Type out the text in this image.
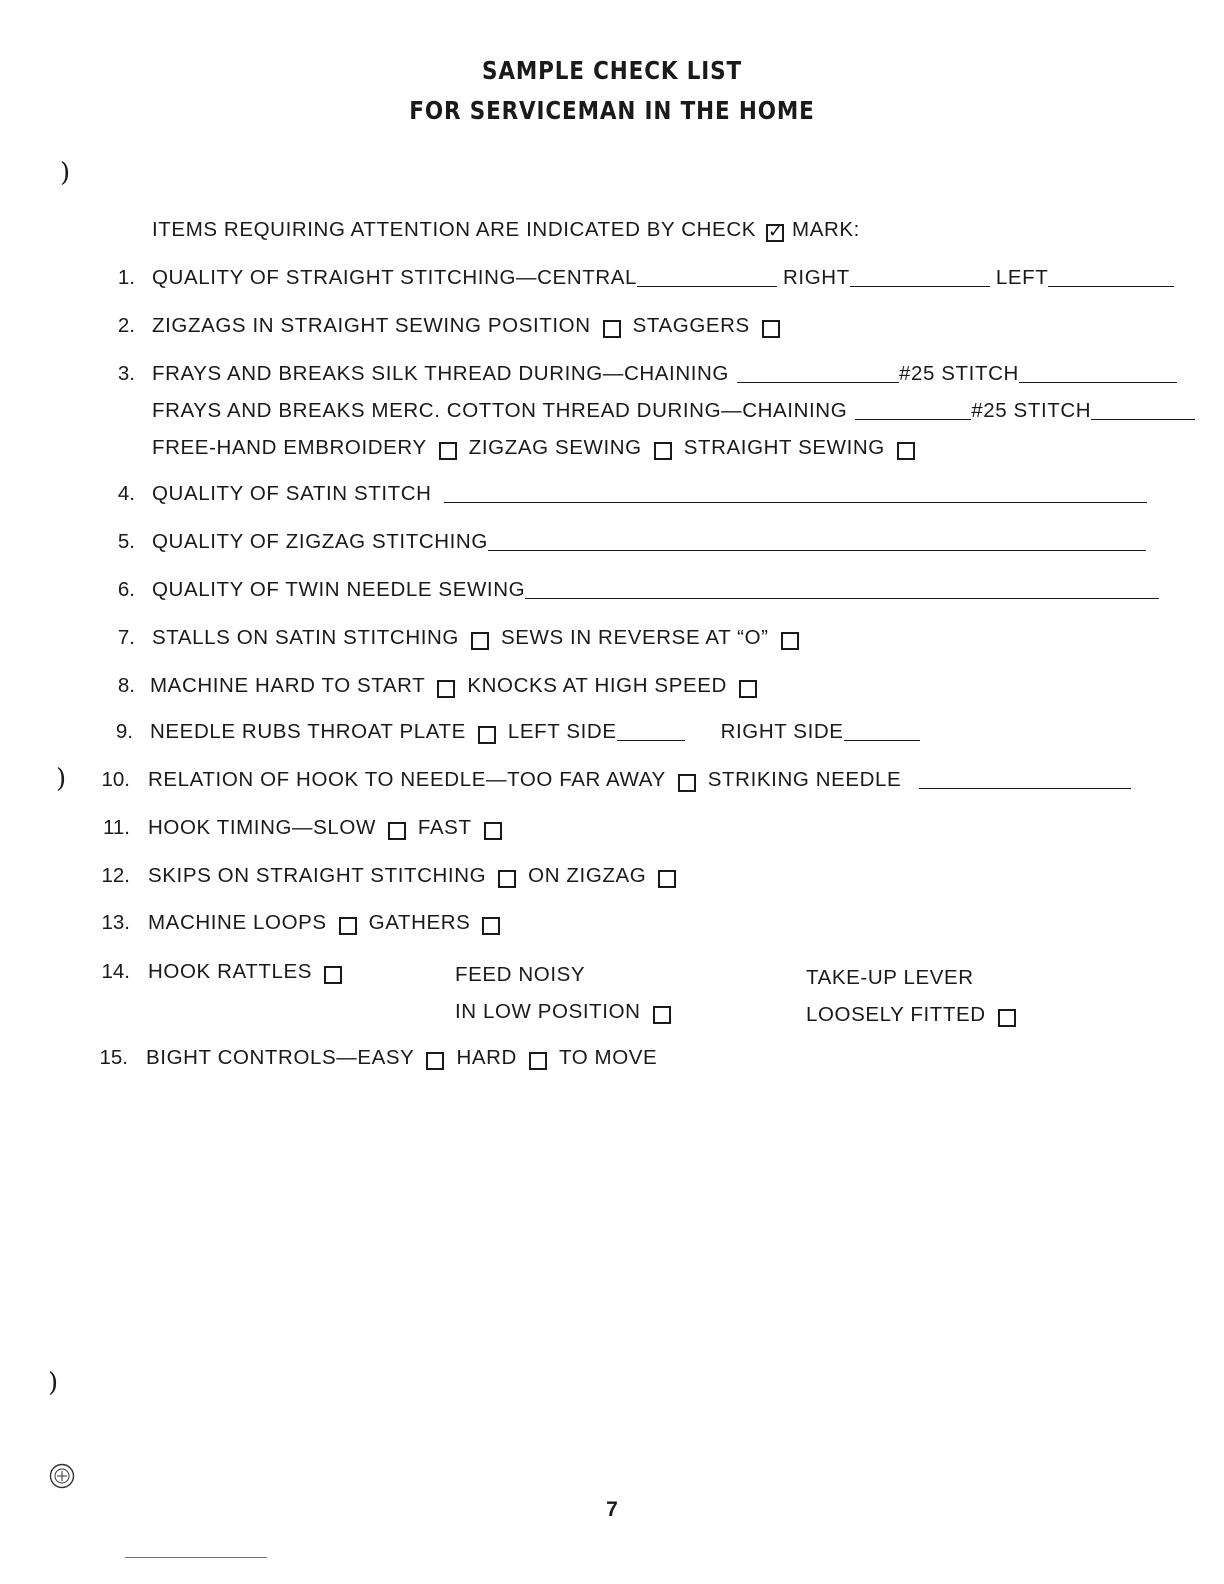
SAMPLE CHECK LIST
FOR SERVICEMAN IN THE HOME
)
)
)
ITEMS REQUIRING ATTENTION ARE INDICATED BY CHECK
✓ MARK:
1. QUALITY OF STRAIGHT STITCHING—CENTRAL	RIGHT	LEFT
2. ZIGZAGS IN STRAIGHT SEWING POSITION STAGGERS
3. FRAYS AND BREAKS SILK THREAD DURING—CHAINING	#25 STITCH
FRAYS AND BREAKS MERC. COTTON THREAD DURING—CHAINING	#25 STITCH
FREE-HAND EMBROIDERY ZIGZAG SEWING STRAIGHT SEWING
4. QUALITY OF SATIN STITCH
5. QUALITY OF ZIGZAG STITCHING
6. QUALITY OF TWIN NEEDLE SEWING
7. STALLS ON SATIN STITCHING SEWS IN REVERSE AT “O”
8. MACHINE HARD TO START KNOCKS AT HIGH SPEED
9. NEEDLE RUBS THROAT PLATE LEFT SIDE	RIGHT SIDE
10. RELATION OF HOOK TO NEEDLE—TOO FAR AWAY STRIKING NEEDLE
11. HOOK TIMING—SLOW FAST
12. SKIPS ON STRAIGHT STITCHING ON ZIGZAG
13. MACHINE LOOPS GATHERS
14. HOOK RATTLES	FEED NOISY
IN LOW POSITION
TAKE-UP LEVER
LOOSELY FITTED
15. BIGHT CONTROLS—EASY HARD TO MOVE
7
